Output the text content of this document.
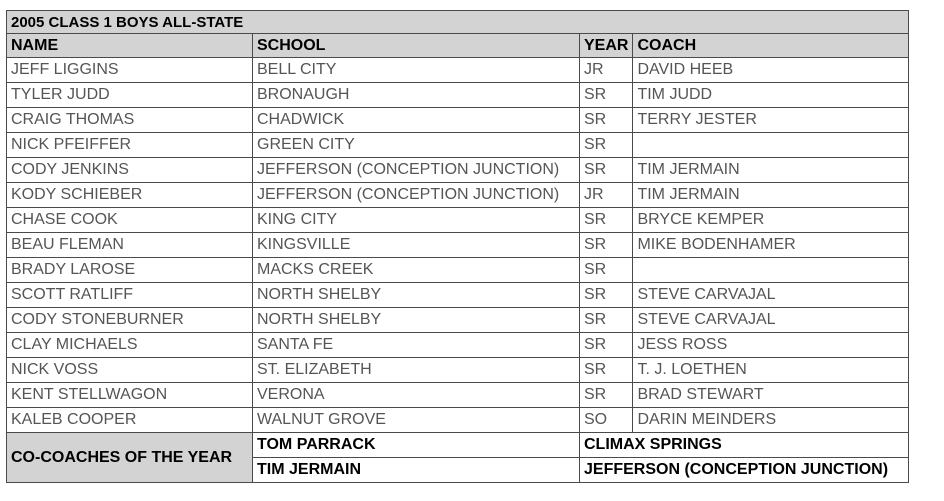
2005 CLASS 1 BOYS ALL-STATE			
NAME	SCHOOL	YEAR	COACH
JEFF LIGGINS	BELL CITY	JR	DAVID HEEB
TYLER JUDD	BRONAUGH	SR	TIM JUDD
CRAIG THOMAS	CHADWICK	SR	TERRY JESTER
NICK PFEIFFER	GREEN CITY	SR	
CODY JENKINS	JEFFERSON (CONCEPTION JUNCTION)	SR	TIM JERMAIN
KODY SCHIEBER	JEFFERSON (CONCEPTION JUNCTION)	JR	TIM JERMAIN
CHASE COOK	KING CITY	SR	BRYCE KEMPER
BEAU FLEMAN	KINGSVILLE	SR	MIKE BODENHAMER
BRADY LAROSE	MACKS CREEK	SR	
SCOTT RATLIFF	NORTH SHELBY	SR	STEVE CARVAJAL
CODY STONEBURNER	NORTH SHELBY	SR	STEVE CARVAJAL
CLAY MICHAELS	SANTA FE	SR	JESS ROSS
NICK VOSS	ST. ELIZABETH	SR	T. J. LOETHEN
KENT STELLWAGON	VERONA	SR	BRAD STEWART
KALEB COOPER	WALNUT GROVE	SO	DARIN MEINDERS
CO-COACHES OF THE YEAR	TOM PARRACK	CLIMAX SPRINGS	
	TIM JERMAIN	JEFFERSON (CONCEPTION JUNCTION)	
